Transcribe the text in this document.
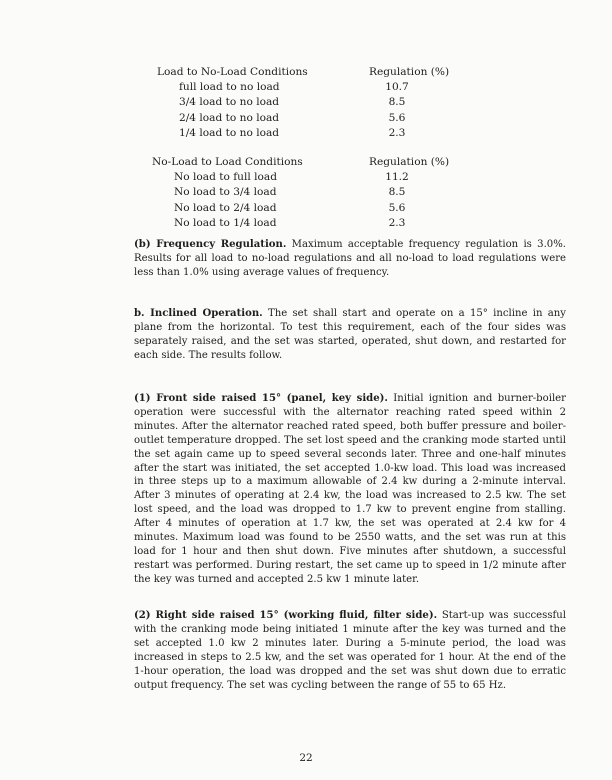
Load to No-Load Conditions	Regulation (%)
full load to no load	10.7
3/4 load to no load	8.5
2/4 load to no load	5.6
1/4 load to no load	2.3
No-Load to Load Conditions	Regulation (%)
No load to full load	11.2
No load to 3/4 load	8.5
No load to 2/4 load	5.6
No load to 1/4 load	2.3

(b) Frequency Regulation. Maximum acceptable frequency regulation is 3.0%. Results for all load to no-load regulations and all no-load to load regulations were less than 1.0% using average values of frequency.

b. Inclined Operation. The set shall start and operate on a 15° incline in any plane from the horizontal. To test this requirement, each of the four sides was separately raised, and the set was started, operated, shut down, and restarted for each side. The results follow.

(1) Front side raised 15° (panel, key side). Initial ignition and burner-boiler operation were successful with the alternator reaching rated speed within 2 minutes. After the alternator reached rated speed, both buffer pressure and boiler-outlet temperature dropped. The set lost speed and the cranking mode started until the set again came up to speed several seconds later. Three and one-half minutes after the start was initiated, the set accepted 1.0-kw load. This load was increased in three steps up to a maximum allowable of 2.4 kw during a 2-minute interval. After 3 minutes of operating at 2.4 kw, the load was increased to 2.5 kw. The set lost speed, and the load was dropped to 1.7 kw to prevent engine from stalling. After 4 minutes of operation at 1.7 kw, the set was operated at 2.4 kw for 4 minutes. Maximum load was found to be 2550 watts, and the set was run at this load for 1 hour and then shut down. Five minutes after shutdown, a successful restart was performed. During restart, the set came up to speed in 1/2 minute after the key was turned and accepted 2.5 kw 1 minute later.

(2) Right side raised 15° (working fluid, filter side). Start-up was successful with the cranking mode being initiated 1 minute after the key was turned and the set accepted 1.0 kw 2 minutes later. During a 5-minute period, the load was increased in steps to 2.5 kw, and the set was operated for 1 hour. At the end of the 1-hour operation, the load was dropped and the set was shut down due to erratic output frequency. The set was cycling between the range of 55 to 65 Hz.

22
